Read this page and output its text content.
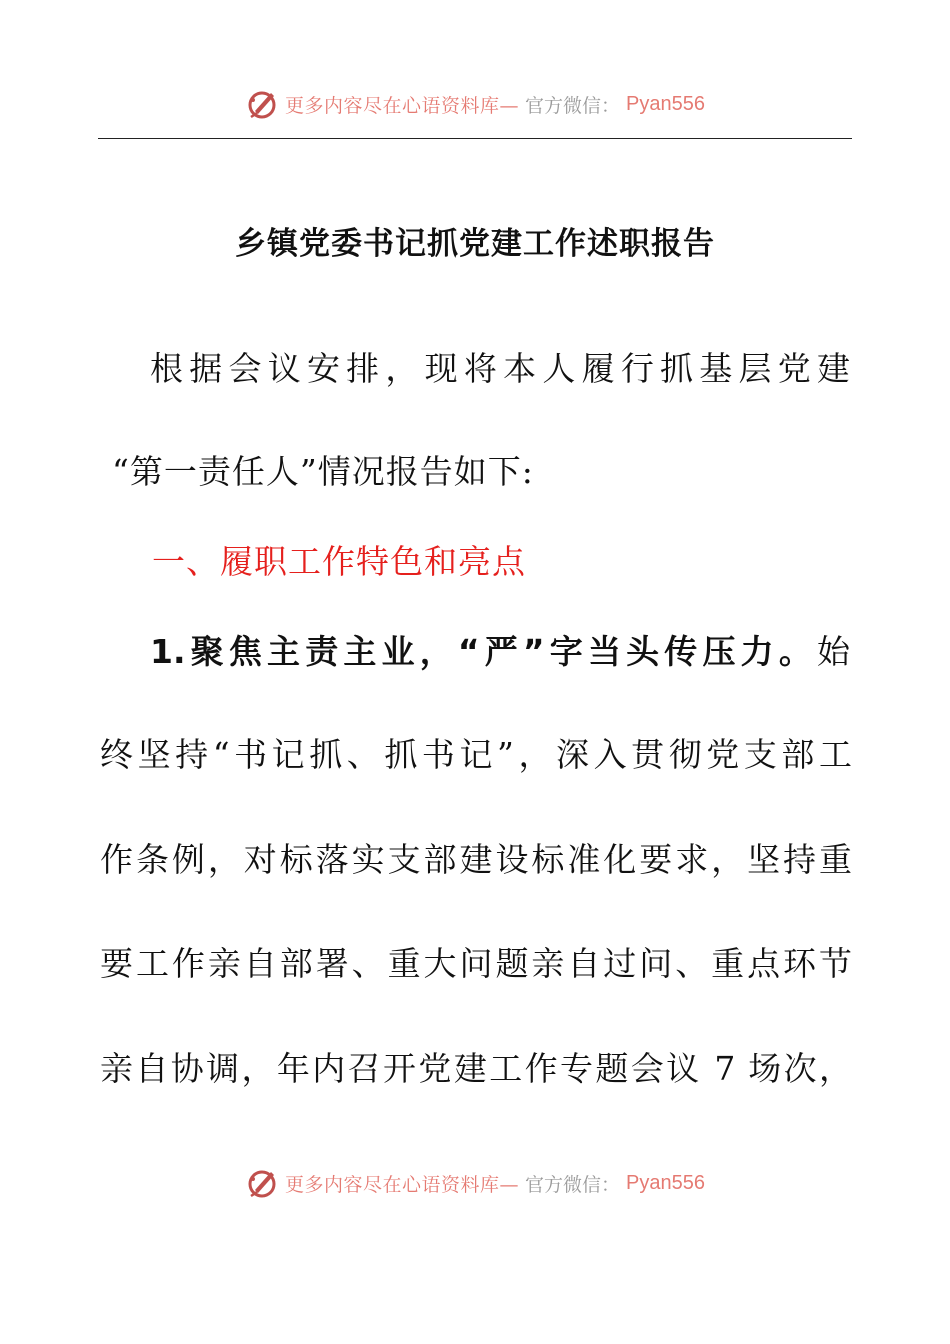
更多内容尽在心语资料库— 官方微信： Pyan556
乡镇党委书记抓党建工作述职报告
根据会议安排，现将本人履行抓基层党建
“第一责任人”情况报告如下:
一、履职工作特色和亮点
1.聚焦主责主业，“严”字当头传压力。始
终坚持“书记抓、抓书记”，深入贯彻党支部工
作条例，对标落实支部建设标准化要求，坚持重
要工作亲自部署、重大问题亲自过问、重点环节
亲自协调，年内召开党建工作专题会议 7 场次，
更多内容尽在心语资料库— 官方微信： Pyan556
